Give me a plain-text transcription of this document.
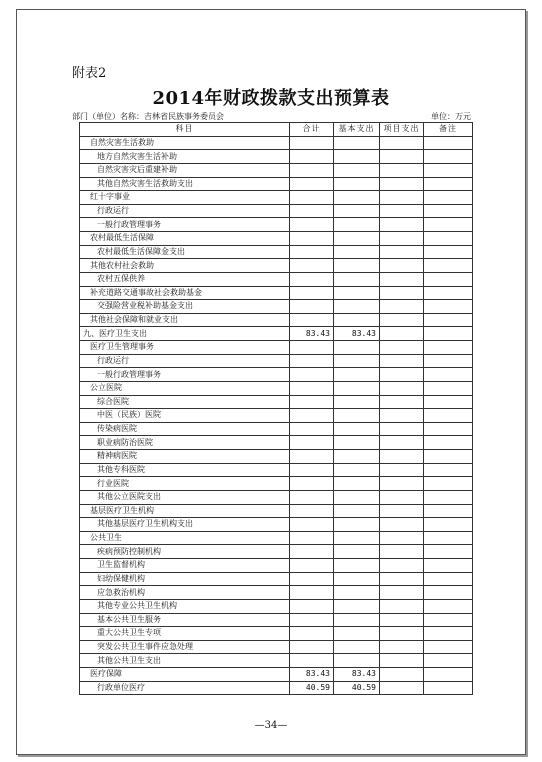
附表2
2014年财政拨款支出预算表
部门（单位）名称：吉林省民族事务委员会	单位：万元
科目	合计	基本支出	项目支出	备注
自然灾害生活救助				
地方自然灾害生活补助				
自然灾害灾后重建补助				
其他自然灾害生活救助支出				
红十字事业				
行政运行				
一般行政管理事务				
农村最低生活保障				
农村最低生活保障金支出				
其他农村社会救助				
农村五保供养				
补充道路交通事故社会救助基金				
交强险营业税补助基金支出				
其他社会保障和就业支出				
九、医疗卫生支出	83.43	83.43		
医疗卫生管理事务				
行政运行				
一般行政管理事务				
公立医院				
综合医院				
中医（民族）医院				
传染病医院				
职业病防治医院				
精神病医院				
其他专科医院				
行业医院				
其他公立医院支出				
基层医疗卫生机构				
其他基层医疗卫生机构支出				
公共卫生				
疾病预防控制机构				
卫生监督机构				
妇幼保健机构				
应急救治机构				
其他专业公共卫生机构				
基本公共卫生服务				
重大公共卫生专项				
突发公共卫生事件应急处理				
其他公共卫生支出				
医疗保障	83.43	83.43		
行政单位医疗	40.59	40.59		
—34—
